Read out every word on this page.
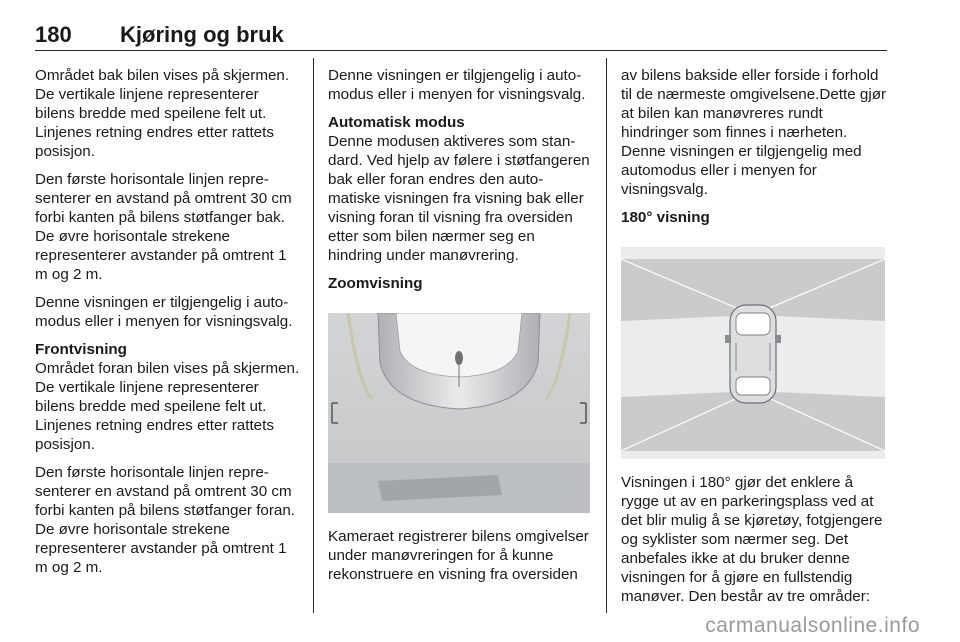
180 Kjøring og bruk

Området bak bilen vises på skjermen. De vertikale linjene representerer bilens bredde med speilene felt ut. Linjenes retning endres etter rattets posisjon.

Den første horisontale linjen representerer en avstand på omtrent 30 cm forbi kanten på bilens støtfanger bak. De øvre horisontale strekene representerer avstander på omtrent 1 m og 2 m.

Denne visningen er tilgjengelig i automodus eller i menyen for visningsvalg.

Frontvisning

Området foran bilen vises på skjermen. De vertikale linjene representerer bilens bredde med speilene felt ut. Linjenes retning endres etter rattets posisjon.

Den første horisontale linjen representerer en avstand på omtrent 30 cm forbi kanten på bilens støtfanger foran. De øvre horisontale strekene representerer avstander på omtrent 1 m og 2 m.

Denne visningen er tilgjengelig i automodus eller i menyen for visningsvalg.

Automatisk modus

Denne modusen aktiveres som standard. Ved hjelp av følere i støtfangeren bak eller foran endres den automatiske visningen fra visning bak eller visning foran til visning fra oversiden etter som bilen nærmer seg en hindring under manøvrering.

Zoomvisning

Kameraet registrerer bilens omgivelser under manøvreringen for å kunne rekonstruere en visning fra oversiden

av bilens bakside eller forside i forhold til de nærmeste omgivelsene.Dette gjør at bilen kan manøvreres rundt hindringer som finnes i nærheten. Denne visningen er tilgjengelig med automodus eller i menyen for visningsvalg.

180° visning

Visningen i 180° gjør det enklere å rygge ut av en parkeringsplass ved at det blir mulig å se kjøretøy, fotgjengere og syklister som nærmer seg. Det anbefales ikke at du bruker denne visningen for å gjøre en fullstendig manøver. Den består av tre områder:

carmanualsonline.info
